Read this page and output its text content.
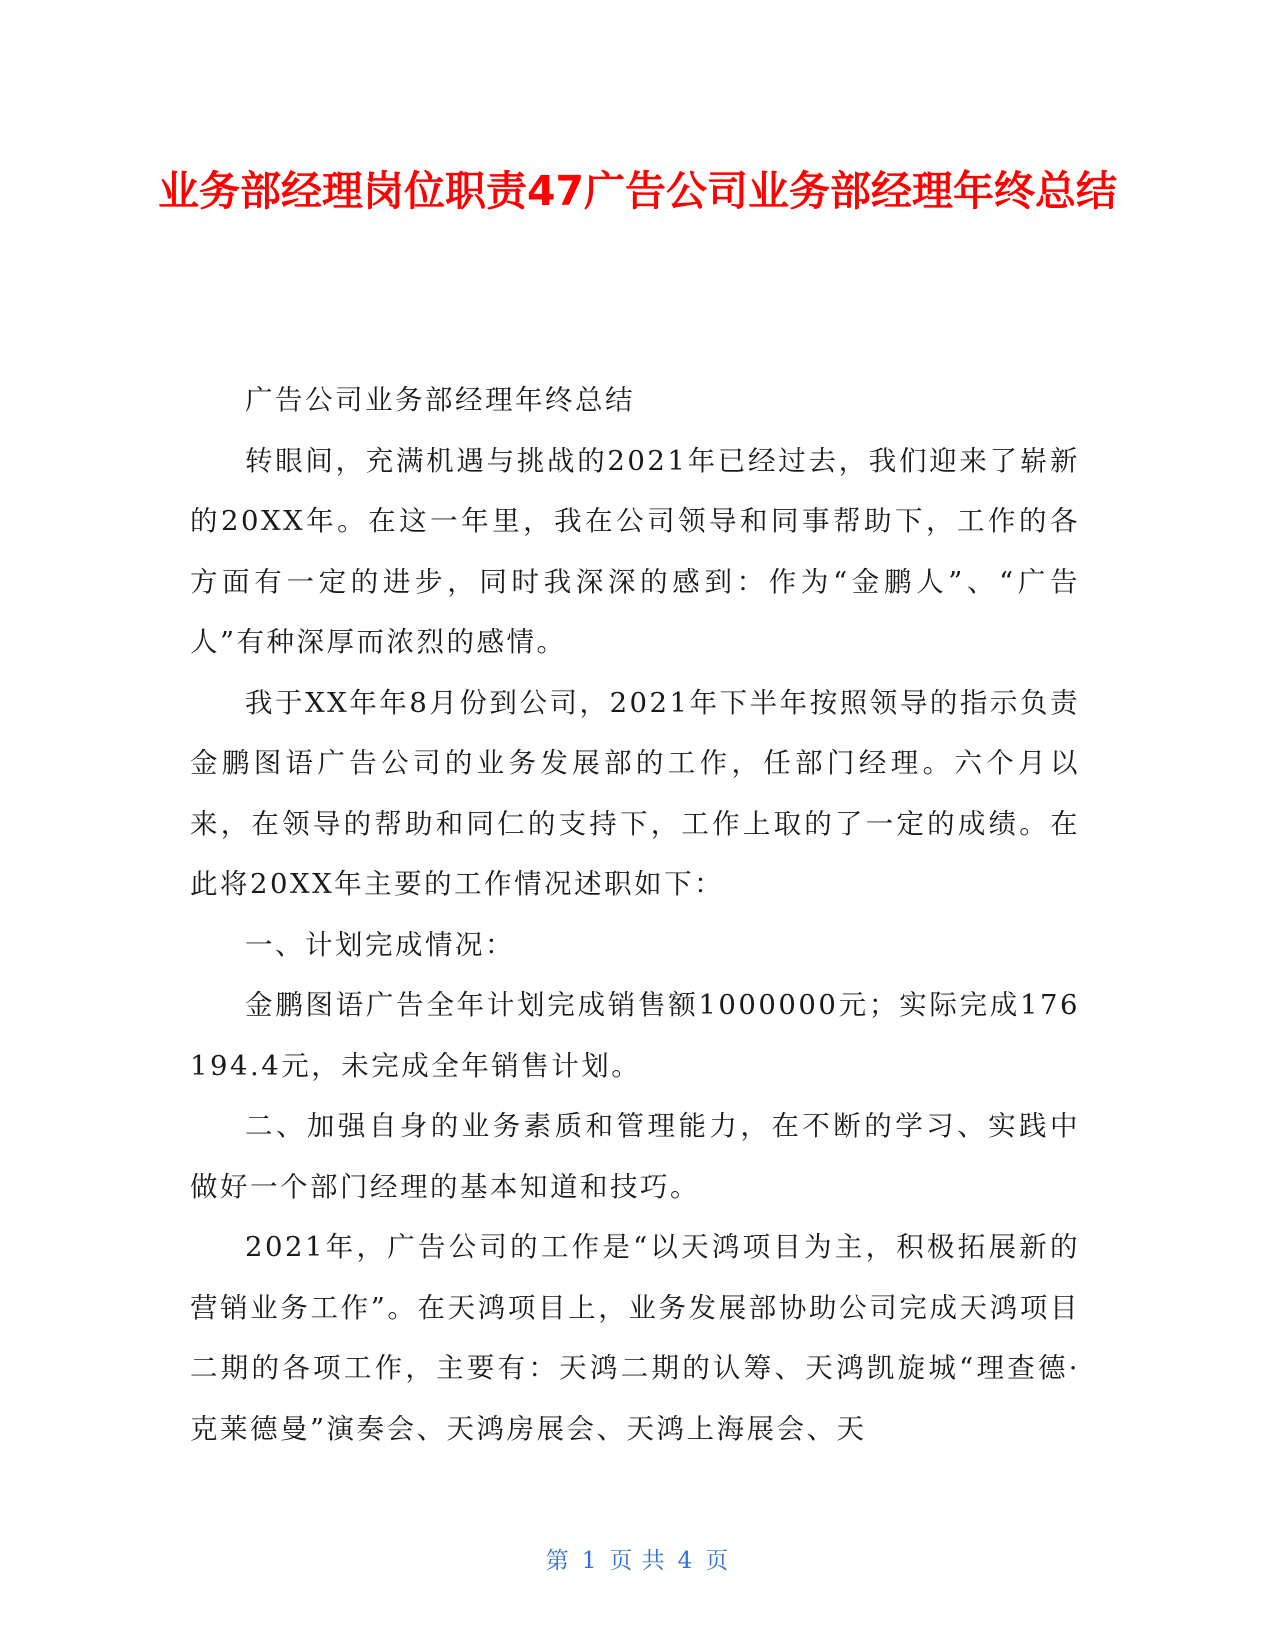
业务部经理岗位职责47广告公司业务部经理年终总结

广告公司业务部经理年终总结

转眼间，充满机遇与挑战的2021年已经过去，我们迎来了崭新的20XX年。在这一年里，我在公司领导和同事帮助下，工作的各方面有一定的进步，同时我深深的感到：作为“金鹏人”、“广告人”有种深厚而浓烈的感情。

我于XX年年8月份到公司，2021年下半年按照领导的指示负责金鹏图语广告公司的业务发展部的工作，任部门经理。六个月以来，在领导的帮助和同仁的支持下，工作上取的了一定的成绩。在此将20XX年主要的工作情况述职如下：

一、计划完成情况：

金鹏图语广告全年计划完成销售额1000000元；实际完成176194.4元，未完成全年销售计划。

二、加强自身的业务素质和管理能力，在不断的学习、实践中做好一个部门经理的基本知道和技巧。

2021年，广告公司的工作是“以天鸿项目为主，积极拓展新的营销业务工作”。在天鸿项目上，业务发展部协助公司完成天鸿项目二期的各项工作，主要有：天鸿二期的认筹、天鸿凯旋城“理查德·克莱德曼”演奏会、天鸿房展会、天鸿上海展会、天

第 1 页 共 4 页
